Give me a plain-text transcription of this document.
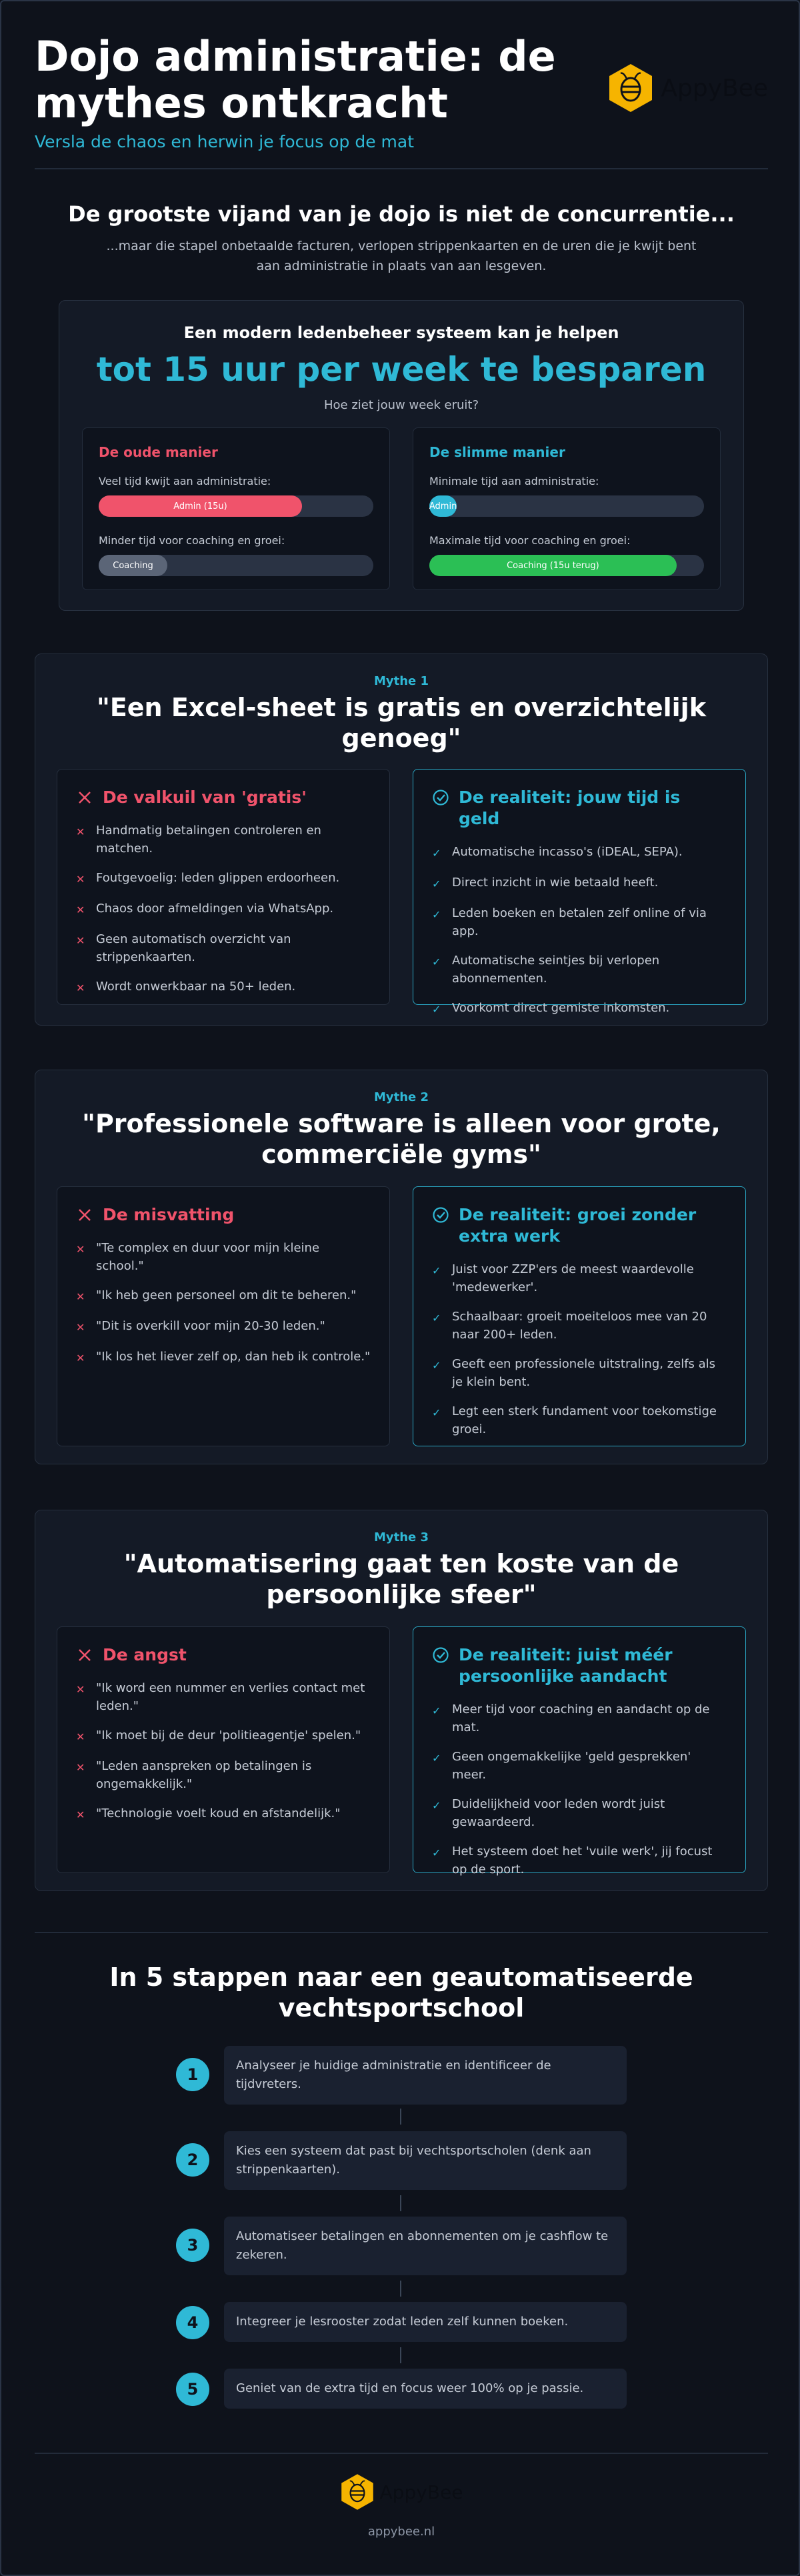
Dojo administratie: de mythes ontkracht
Versla de chaos en herwin je focus op de mat
AppyBee
De grootste vijand van je dojo is niet de concurrentie...

...maar die stapel onbetaalde facturen, verlopen strippenkaarten en de uren die je kwijt bent aan administratie in plaats van aan lesgeven.

Een modern ledenbeheer systeem kan je helpen
tot 15 uur per week te besparen
Hoe ziet jouw week eruit?
De oude manier
Veel tijd kwijt aan administratie:
Admin (15u)
Minder tijd voor coaching en groei:
Coaching
De slimme manier
Minimale tijd aan administratie:
Admin
Maximale tijd voor coaching en groei:
Coaching (15u terug)
Mythe 1
"Een Excel-sheet is gratis en overzichtelijk genoeg"
De valkuil van 'gratis'
✕ Handmatig betalingen controleren en matchen.
✕ Foutgevoelig: leden glippen erdoorheen.
✕ Chaos door afmeldingen via WhatsApp.
✕ Geen automatisch overzicht van strippenkaarten.
✕ Wordt onwerkbaar na 50+ leden.
De realiteit: jouw tijd is geld
✓ Automatische incasso's (iDEAL, SEPA).
✓ Direct inzicht in wie betaald heeft.
✓ Leden boeken en betalen zelf online of via app.
✓ Automatische seintjes bij verlopen abonnementen.
✓ Voorkomt direct gemiste inkomsten.
Mythe 2
"Professionele software is alleen voor grote, commerciële gyms"
De misvatting
✕ "Te complex en duur voor mijn kleine school."
✕ "Ik heb geen personeel om dit te beheren."
✕ "Dit is overkill voor mijn 20-30 leden."
✕ "Ik los het liever zelf op, dan heb ik controle."
De realiteit: groei zonder extra werk
✓ Juist voor ZZP'ers de meest waardevolle 'medewerker'.
✓ Schaalbaar: groeit moeiteloos mee van 20 naar 200+ leden.
✓ Geeft een professionele uitstraling, zelfs als je klein bent.
✓ Legt een sterk fundament voor toekomstige groei.
Mythe 3
"Automatisering gaat ten koste van de persoonlijke sfeer"
De angst
✕ "Ik word een nummer en verlies contact met leden."
✕ "Ik moet bij de deur 'politieagentje' spelen."
✕ "Leden aanspreken op betalingen is ongemakkelijk."
✕ "Technologie voelt koud en afstandelijk."
De realiteit: juist méér persoonlijke aandacht
✓ Meer tijd voor coaching en aandacht op de mat.
✓ Geen ongemakkelijke 'geld gesprekken' meer.
✓ Duidelijkheid voor leden wordt juist gewaardeerd.
✓ Het systeem doet het 'vuile werk', jij focust op de sport.
In 5 stappen naar een geautomatiseerde vechtsportschool
1	Analyseer je huidige administratie en identificeer de tijdvreters.
2	Kies een systeem dat past bij vechtsportscholen (denk aan strippenkaarten).
3	Automatiseer betalingen en abonnementen om je cashflow te zekeren.
4	Integreer je lesrooster zodat leden zelf kunnen boeken.
5	Geniet van de extra tijd en focus weer 100% op je passie.
AppyBee
appybee.nl
